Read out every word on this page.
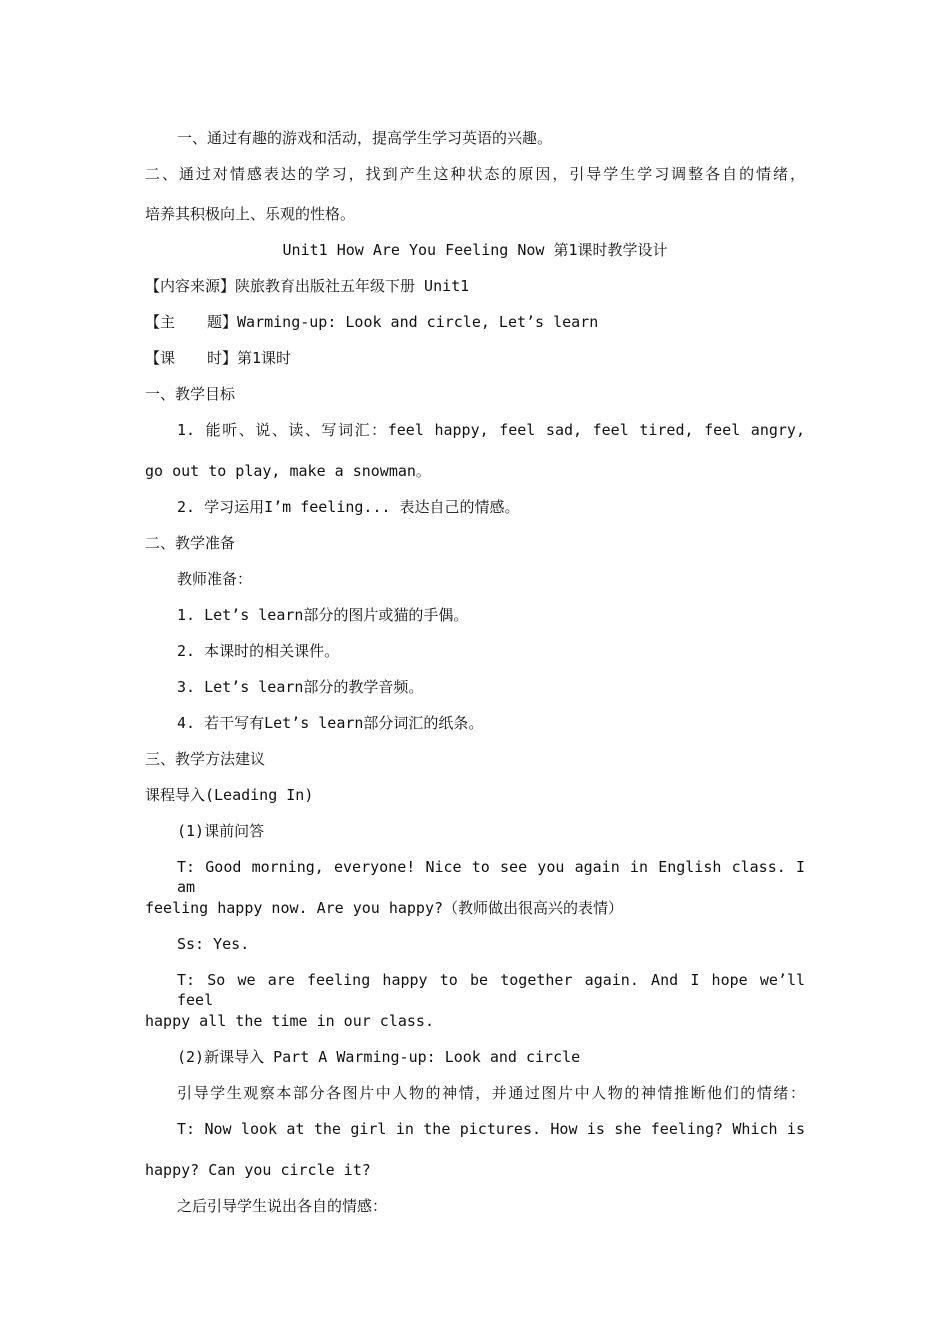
一、通过有趣的游戏和活动，提高学生学习英语的兴趣。
二、通过对情感表达的学习，找到产生这种状态的原因，引导学生学习调整各自的情绪，
培养其积极向上、乐观的性格。
Unit1 How Are You Feeling Now 第1课时教学设计
【内容来源】陕旅教育出版社五年级下册 Unit1
【主 题】Warming-up: Look and circle, Let’s learn
【课 时】第1课时
一、教学目标
1. 能听、说、读、写词汇：feel happy, feel sad, feel tired, feel angry,
go out to play, make a snowman。
2. 学习运用I’m feeling... 表达自己的情感。
二、教学准备
教师准备：
1. Let’s learn部分的图片或猫的手偶。
2. 本课时的相关课件。
3. Let’s learn部分的教学音频。
4. 若干写有Let’s learn部分词汇的纸条。
三、教学方法建议
课程导入(Leading In)
(1)课前问答
T: Good morning, everyone! Nice to see you again in English class. I am
feeling happy now. Are you happy?（教师做出很高兴的表情）
Ss: Yes.
T: So we are feeling happy to be together again. And I hope we’ll feel
happy all the time in our class.
(2)新课导入 Part A Warming-up: Look and circle
引导学生观察本部分各图片中人物的神情，并通过图片中人物的神情推断他们的情绪：
T: Now look at the girl in the pictures. How is she feeling? Which is
happy? Can you circle it?
之后引导学生说出各自的情感：
